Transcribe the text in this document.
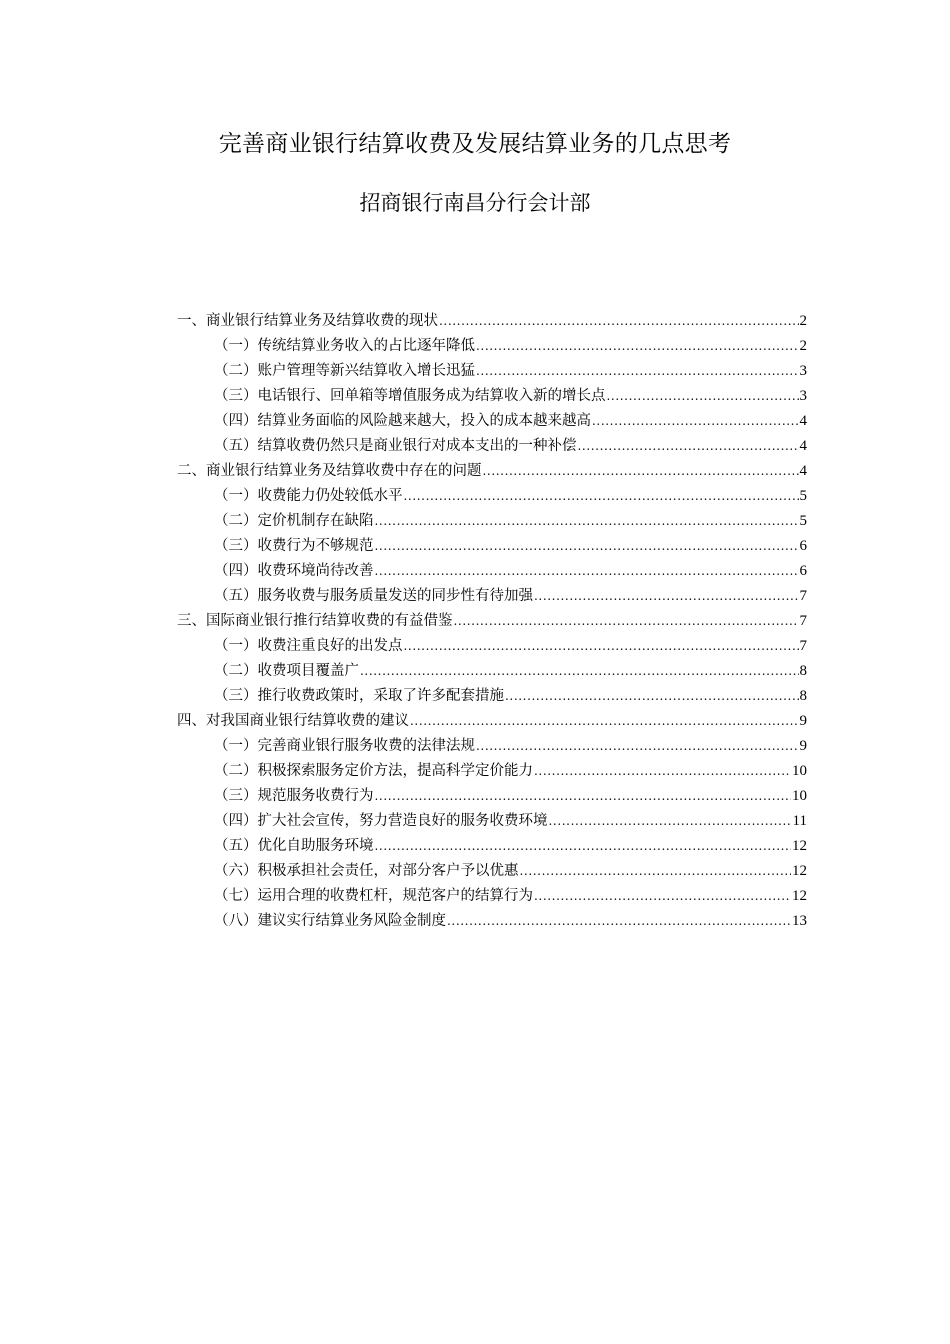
完善商业银行结算收费及发展结算业务的几点思考
招商银行南昌分行会计部
一、商业银行结算业务及结算收费的现状 .....	2
（一）传统结算业务收入的占比逐年降低 .....	2
（二）账户管理等新兴结算收入增长迅猛 .....	3
（三）电话银行、回单箱等增值服务成为结算收入新的增长点 .....	3
（四）结算业务面临的风险越来越大，投入的成本越来越高 .....	4
（五）结算收费仍然只是商业银行对成本支出的一种补偿 .....	4
二、商业银行结算业务及结算收费中存在的问题 .....	4
（一）收费能力仍处较低水平 .....	5
（二）定价机制存在缺陷 .....	5
（三）收费行为不够规范 .....	6
（四）收费环境尚待改善 .....	6
（五）服务收费与服务质量发送的同步性有待加强 .....	7
三、国际商业银行推行结算收费的有益借鉴 .....	7
（一）收费注重良好的出发点 .....	7
（二）收费项目覆盖广 .....	8
（三）推行收费政策时，采取了许多配套措施 .....	8
四、对我国商业银行结算收费的建议 .....	9
（一）完善商业银行服务收费的法律法规 .....	9
（二）积极探索服务定价方法，提高科学定价能力 .....	10
（三）规范服务收费行为 .....	10
（四）扩大社会宣传，努力营造良好的服务收费环境 .....	11
（五）优化自助服务环境 .....	12
（六）积极承担社会责任，对部分客户予以优惠 .....	12
（七）运用合理的收费杠杆，规范客户的结算行为 .....	12
（八）建议实行结算业务风险金制度 .....	13
